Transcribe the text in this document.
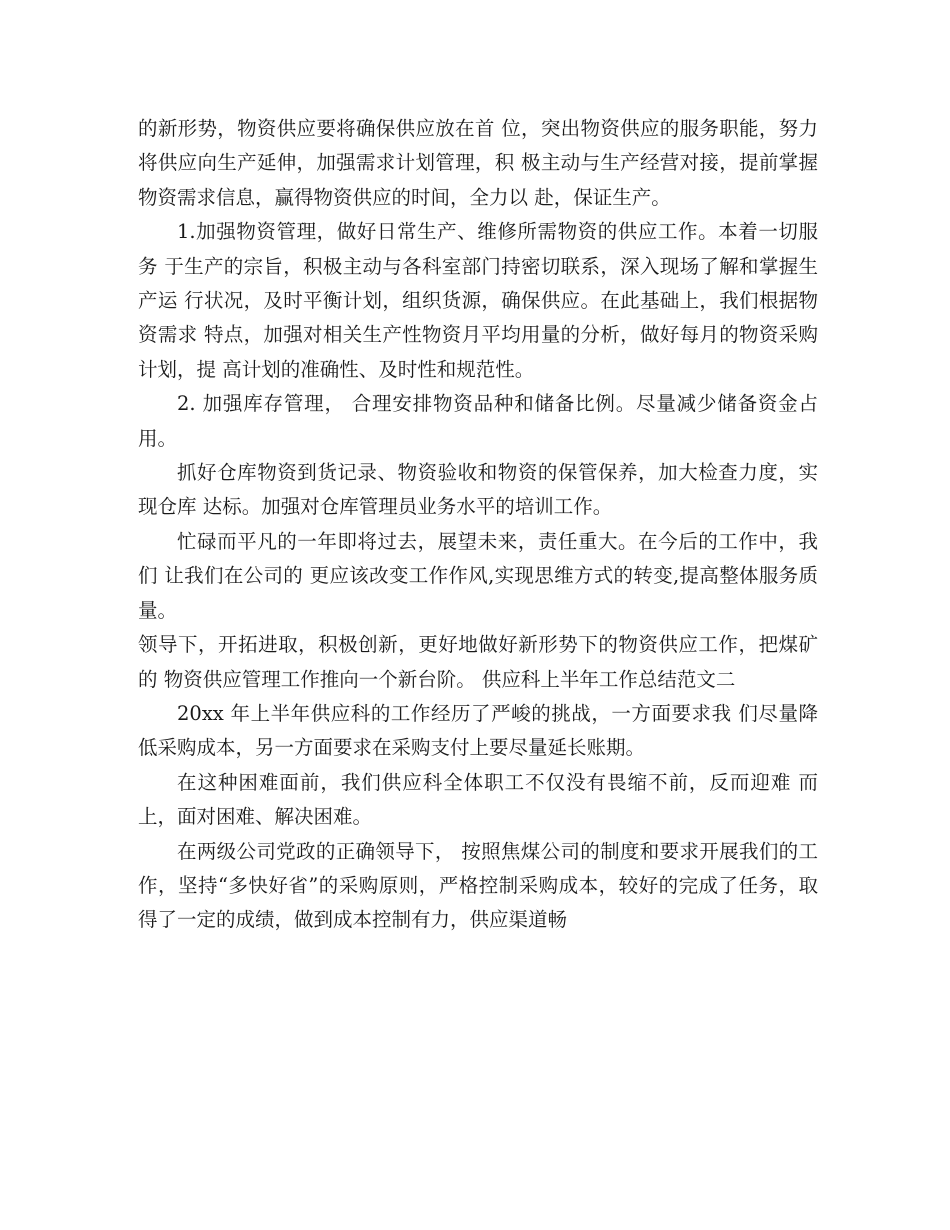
的新形势，物资供应要将确保供应放在首 位，突出物资供应的服务职能，努力将供应向生产延伸，加强需求计划管理，积 极主动与生产经营对接，提前掌握物资需求信息，赢得物资供应的时间，全力以 赴，保证生产。

1.加强物资管理，做好日常生产、维修所需物资的供应工作。本着一切服务 于生产的宗旨，积极主动与各科室部门持密切联系，深入现场了解和掌握生产运 行状况，及时平衡计划，组织货源，确保供应。在此基础上，我们根据物资需求 特点，加强对相关生产性物资月平均用量的分析，做好每月的物资采购计划，提 高计划的准确性、及时性和规范性。

2. 加强库存管理， 合理安排物资品种和储备比例。尽量减少储备资金占用。

抓好仓库物资到货记录、物资验收和物资的保管保养，加大检查力度，实现仓库 达标。加强对仓库管理员业务水平的培训工作。

忙碌而平凡的一年即将过去，展望未来，责任重大。在今后的工作中，我们 让我们在公司的 更应该改变工作作风,实现思维方式的转变,提高整体服务质量。

领导下，开拓进取，积极创新，更好地做好新形势下的物资供应工作，把煤矿的 物资供应管理工作推向一个新台阶。 供应科上半年工作总结范文二

20xx 年上半年供应科的工作经历了严峻的挑战，一方面要求我 们尽量降低采购成本，另一方面要求在采购支付上要尽量延长账期。

在这种困难面前，我们供应科全体职工不仅没有畏缩不前，反而迎难 而上，面对困难、解决困难。

在两级公司党政的正确领导下， 按照焦煤公司的制度和要求开展我们的工作，坚持“多快好省”的采购原则，严格控制采购成本，较好的完成了任务，取得了一定的成绩，做到成本控制有力，供应渠道畅
